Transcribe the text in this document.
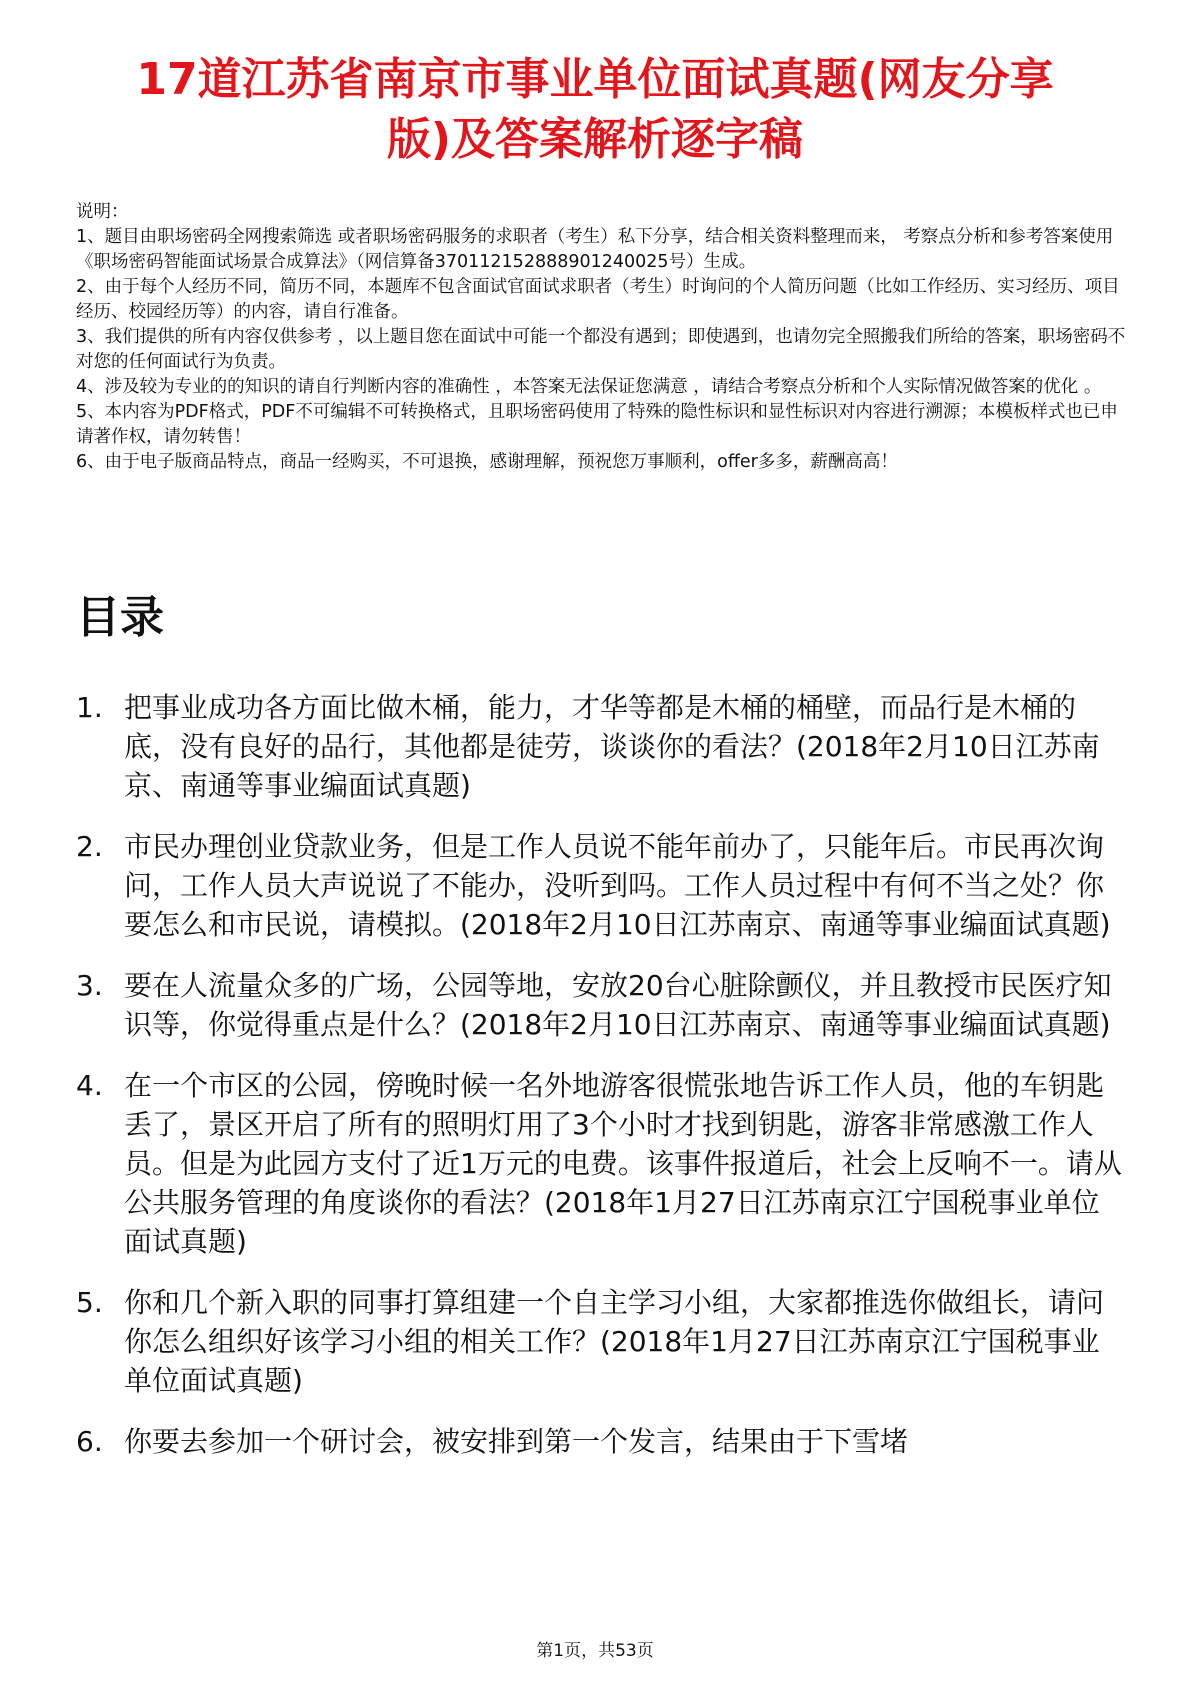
17道江苏省南京市事业单位面试真题(网友分享
版)及答案解析逐字稿

说明：

1、题目由职场密码全网搜索筛选 或者职场密码服务的求职者（考生）私下分享，结合相关资料整理而来， 考察点分析和参考答案使用《职场密码智能面试场景合成算法》（网信算备370112152888901240025号）生成。

2、由于每个人经历不同，简历不同，本题库不包含面试官面试求职者（考生）时询问的个人简历问题（比如工作经历、实习经历、项目经历、校园经历等）的内容，请自行准备。

3、我们提供的所有内容仅供参考 ，以上题目您在面试中可能一个都没有遇到；即使遇到，也请勿完全照搬我们所给的答案，职场密码不对您的任何面试行为负责。

4、涉及较为专业的的知识的请自行判断内容的准确性 ，本答案无法保证您满意 ，请结合考察点分析和个人实际情况做答案的优化 。

5、本内容为PDF格式，PDF不可编辑不可转换格式，且职场密码使用了特殊的隐性标识和显性标识对内容进行溯源；本模板样式也已申请著作权，请勿转售！

6、由于电子版商品特点，商品一经购买，不可退换，感谢理解，预祝您万事顺利，offer多多，薪酬高高！

目录
1. 把事业成功各方面比做木桶，能力，才华等都是木桶的桶壁，而品行是木桶的底，没有良好的品行，其他都是徒劳，谈谈你的看法？(2018年2月10日江苏南京、南通等事业编面试真题)
2. 市民办理创业贷款业务，但是工作人员说不能年前办了，只能年后。市民再次询问，工作人员大声说说了不能办，没听到吗。工作人员过程中有何不当之处？你要怎么和市民说，请模拟。(2018年2月10日江苏南京、南通等事业编面试真题)
3. 要在人流量众多的广场，公园等地，安放20台心脏除颤仪，并且教授市民医疗知识等，你觉得重点是什么？(2018年2月10日江苏南京、南通等事业编面试真题)
4. 在一个市区的公园，傍晚时候一名外地游客很慌张地告诉工作人员，他的车钥匙丢了，景区开启了所有的照明灯用了3个小时才找到钥匙，游客非常感激工作人员。但是为此园方支付了近1万元的电费。该事件报道后，社会上反响不一。请从公共服务管理的角度谈你的看法？(2018年1月27日江苏南京江宁国税事业单位面试真题)
5. 你和几个新入职的同事打算组建一个自主学习小组，大家都推选你做组长，请问你怎么组织好该学习小组的相关工作？(2018年1月27日江苏南京江宁国税事业单位面试真题)
6. 你要去参加一个研讨会，被安排到第一个发言，结果由于下雪堵
第1页，共53页
